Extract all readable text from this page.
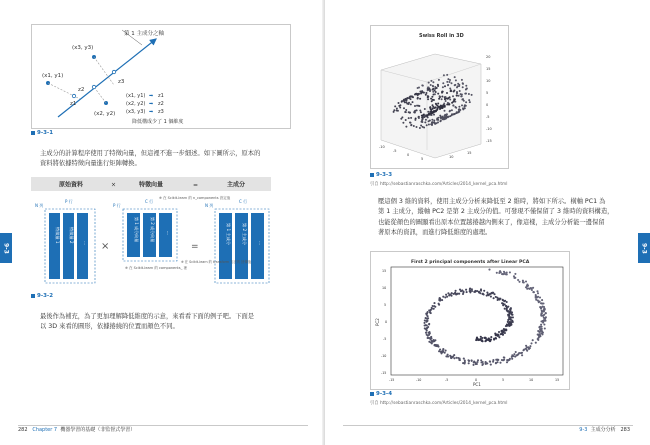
第 1 主成分之軸
(x3, y3)
(x1, y1)
(x2, y2)
z3
z1
z2
(x1, y1) ➡ z1
(x2, y2) ➡ z2
(x3, y3) ➡ z3
降低構成少了 1 個維度
9-3-1

主成分的計算程序使用了特徵向量，但這裡不進一步細述。如下圖所示，原本的
資料將依據特徵向量進行矩陣轉換。

原始資料	×	特徵向量	=	主成分
※ 在 Scikit-learn 的 n_components 設定值
N 列
P 行
特徵量 1 特徵量 2 ... ×
P 行
C 行
第 1 成分向量	第 2 成分向量	...
※ 在 Scikit-learn 的 components_ 裡
=
N 列
C 行
第 1 主成分	第 2 主成分	...
※ 在 Scikit-learn 的 transform 方法的 回傳值
9-3-2

最後作為補充，為了更加理解降低維度的示意，來看看下面的例子吧。下面是
以 3D 來看的圓形，依據捲繞的位置而顏色不同。

282 Chapter 7 機器學習的基礎（非監督式學習）
9-3
Swiss Roll in 3D
20
15
10
5
0
-5
-10
-15
-10
-5
0
5	10
15
9-3-3
引自 http://sebastianraschka.com/Articles/2014_kernel_pca.html

壓這個 3 維的資料，使用主成分分析來降低至 2 維時，將如下所示。橫軸 PC1 為
第 1 主成分，縱軸 PC2 是第 2 主成分的值。可發現不僅保留了 3 維時的資料構造，
也能從顏色的圖顯看出原本位置越捲越內側來了，像這樣，主成分分析能一邊保留
著原本的資訊，而進行降低維度的處理。

First 2 principal components after Linear PCA
PC2
PC1
-15	-10	-5	0	5	10	15
15
10
5
0
-5
-10
-15
9-3-4
引自 http://sebastianraschka.com/Articles/2014_kernel_pca.html
9-3 主成分分析 283
9-3
